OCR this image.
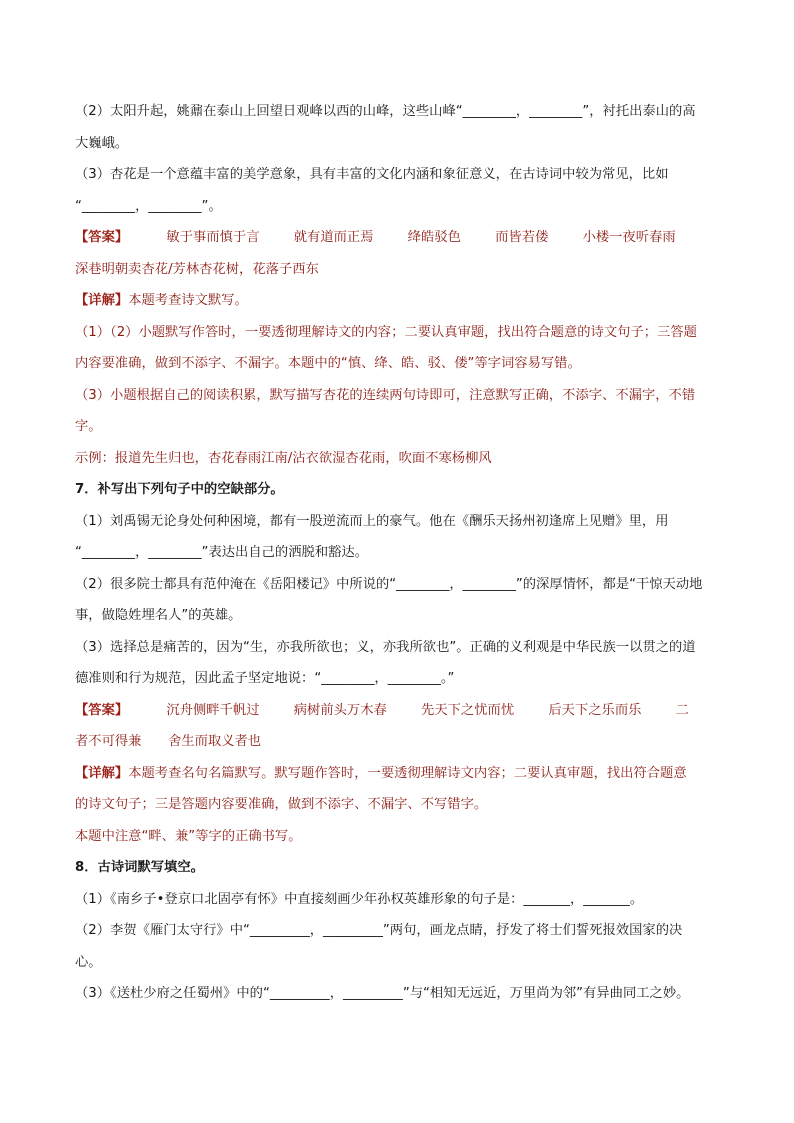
（2）太阳升起，姚鼐在泰山上回望日观峰以西的山峰，这些山峰“________，________”，衬托出泰山的高
大巍峨。
（3）杏花是一个意蕴丰富的美学意象，具有丰富的文化内涵和象征意义，在古诗词中较为常见，比如
“________，________”。
【答案】	敏于事而慎于言	就有道而正焉	绛皓驳色	而皆若偻	小楼一夜听春雨
深巷明朝卖杏花/芳林杏花树，花落子西东
【详解】本题考查诗文默写。
（1）（2）小题默写作答时，一要透彻理解诗文的内容；二要认真审题，找出符合题意的诗文句子；三答题
内容要准确，做到不添字、不漏字。本题中的“慎、绛、皓、驳、偻”等字词容易写错。
（3）小题根据自己的阅读积累，默写描写杏花的连续两句诗即可，注意默写正确，不添字、不漏字，不错
字。
示例：报道先生归也，杏花春雨江南/沾衣欲湿杏花雨，吹面不寒杨柳风
7．补写出下列句子中的空缺部分。
（1）刘禹锡无论身处何种困境，都有一股逆流而上的豪气。他在《酬乐天扬州初逢席上见赠》里，用
“________，________”表达出自己的洒脱和豁达。
（2）很多院士都具有范仲淹在《岳阳楼记》中所说的“________，________”的深厚情怀，都是“干惊天动地
事，做隐姓埋名人”的英雄。
（3）选择总是痛苦的，因为“生，亦我所欲也；义，亦我所欲也”。正确的义利观是中华民族一以贯之的道
德准则和行为规范，因此孟子坚定地说：“________，________。”
【答案】	沉舟侧畔千帆过	病树前头万木春	先天下之忧而忧	后天下之乐而乐	二
者不可得兼　　舍生而取义者也
【详解】本题考查名句名篇默写。默写题作答时，一要透彻理解诗文内容；二要认真审题，找出符合题意
的诗文句子；三是答题内容要准确，做到不添字、不漏字、不写错字。
本题中注意“畔、兼”等字的正确书写。
8．古诗词默写填空。
（1）《南乡子•登京口北固亭有怀》中直接刻画少年孙权英雄形象的句子是：_______，_______。
（2）李贺《雁门太守行》中“_________，_________”两句，画龙点睛，抒发了将士们誓死报效国家的决
心。
（3）《送杜少府之任蜀州》中的“_________，_________”与“相知无远近，万里尚为邻”有异曲同工之妙。
